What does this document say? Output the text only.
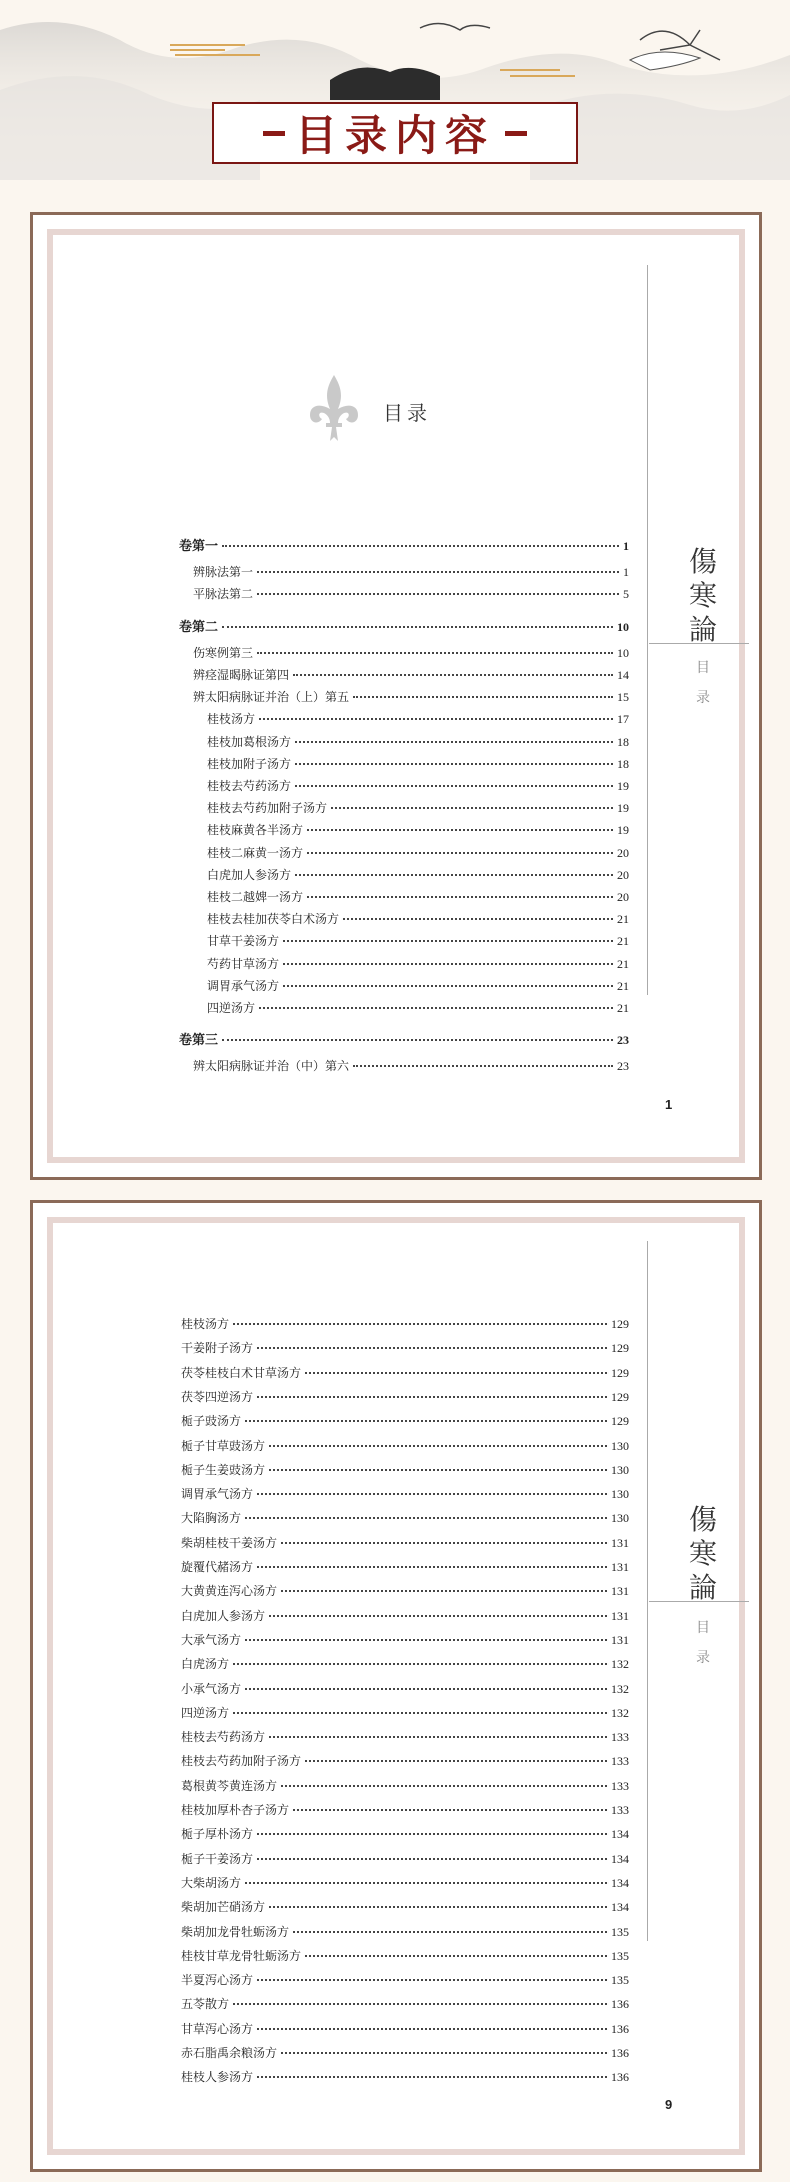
目录内容
目录
傷
寒
論
目
录
卷第一	1
辨脉法第一	1
平脉法第二	5
卷第二	10
伤寒例第三	10
辨痉湿暍脉证第四	14
辨太阳病脉证并治（上）第五	15
桂枝汤方	17
桂枝加葛根汤方	18
桂枝加附子汤方	18
桂枝去芍药汤方	19
桂枝去芍药加附子汤方	19
桂枝麻黄各半汤方	19
桂枝二麻黄一汤方	20
白虎加人参汤方	20
桂枝二越婢一汤方	20
桂枝去桂加茯苓白术汤方	21
甘草干姜汤方	21
芍药甘草汤方	21
调胃承气汤方	21
四逆汤方	21
卷第三	23
辨太阳病脉证并治（中）第六	23
1
傷
寒
論
目
录
桂枝汤方	129
干姜附子汤方	129
茯苓桂枝白术甘草汤方	129
茯苓四逆汤方	129
栀子豉汤方	129
栀子甘草豉汤方	130
栀子生姜豉汤方	130
调胃承气汤方	130
大陷胸汤方	130
柴胡桂枝干姜汤方	131
旋覆代赭汤方	131
大黄黄连泻心汤方	131
白虎加人参汤方	131
大承气汤方	131
白虎汤方	132
小承气汤方	132
四逆汤方	132
桂枝去芍药汤方	133
桂枝去芍药加附子汤方	133
葛根黄芩黄连汤方	133
桂枝加厚朴杏子汤方	133
栀子厚朴汤方	134
栀子干姜汤方	134
大柴胡汤方	134
柴胡加芒硝汤方	134
柴胡加龙骨牡蛎汤方	135
桂枝甘草龙骨牡蛎汤方	135
半夏泻心汤方	135
五苓散方	136
甘草泻心汤方	136
赤石脂禹余粮汤方	136
桂枝人参汤方	136
9
